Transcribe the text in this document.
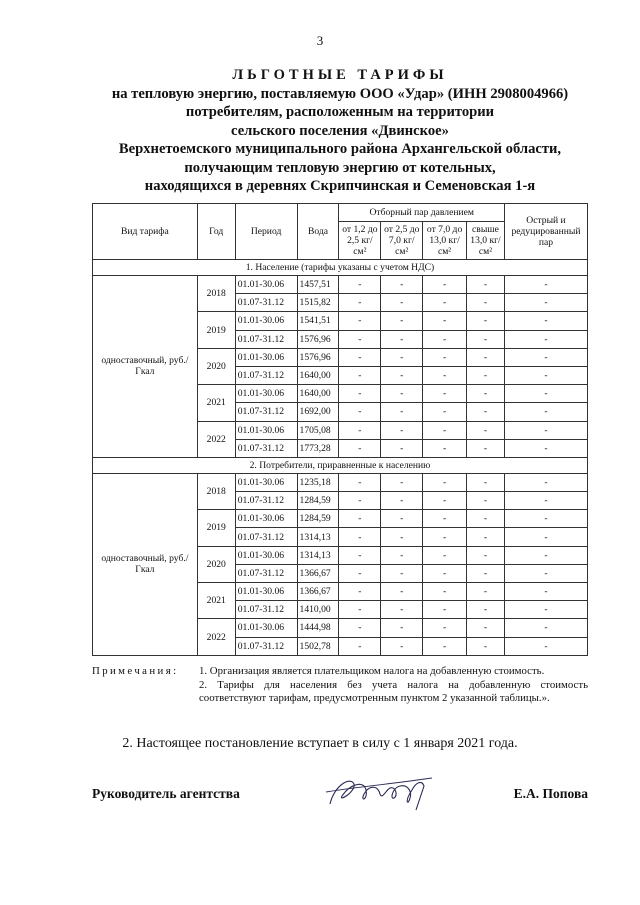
3
ЛЬГОТНЫЕ ТАРИФЫ
на тепловую энергию, поставляемую ООО «Удар» (ИНН 2908004966)
потребителям, расположенным на территории
сельского поселения «Двинское»
Верхнетоемского муниципального района Архангельской области,
получающим тепловую энергию от котельных,
находящихся в деревнях Скрипчинская и Семеновская 1-я
Вид тарифа	Год	Период	Вода	Отборный пар давлением				Острый и редуцированный пар
				от 1,2 до 2,5 кг/см²	от 2,5 до 7,0 кг/см²	от 7,0 до 13,0 кг/см²	свыше 13,0 кг/см²	
1. Население (тарифы указаны с учетом НДС)								
одноставочный, руб./Гкал	2018	01.01-30.06	1457,51	-	-	-	-	-
		01.07-31.12	1515,82	-	-	-	-	-
	2019	01.01-30.06	1541,51	-	-	-	-	-
		01.07-31.12	1576,96	-	-	-	-	-
	2020	01.01-30.06	1576,96	-	-	-	-	-
		01.07-31.12	1640,00	-	-	-	-	-
	2021	01.01-30.06	1640,00	-	-	-	-	-
		01.07-31.12	1692,00	-	-	-	-	-
	2022	01.01-30.06	1705,08	-	-	-	-	-
		01.07-31.12	1773,28	-	-	-	-	-
2. Потребители, приравненные к населению								
одноставочный, руб./Гкал	2018	01.01-30.06	1235,18	-	-	-	-	-
		01.07-31.12	1284,59	-	-	-	-	-
	2019	01.01-30.06	1284,59	-	-	-	-	-
		01.07-31.12	1314,13	-	-	-	-	-
	2020	01.01-30.06	1314,13	-	-	-	-	-
		01.07-31.12	1366,67	-	-	-	-	-
	2021	01.01-30.06	1366,67	-	-	-	-	-
		01.07-31.12	1410,00	-	-	-	-	-
	2022	01.01-30.06	1444,98	-	-	-	-	-
		01.07-31.12	1502,78	-	-	-	-	-
Примечания: 1. Организация является плательщиком налога на добавленную стоимость.
2. Тарифы для населения без учета налога на добавленную стоимость соответствуют тарифам, предусмотренным пунктом 2 указанной таблицы.».
2. Настоящее постановление вступает в силу с 1 января 2021 года.
Руководитель агентства	Е.А. Попова
